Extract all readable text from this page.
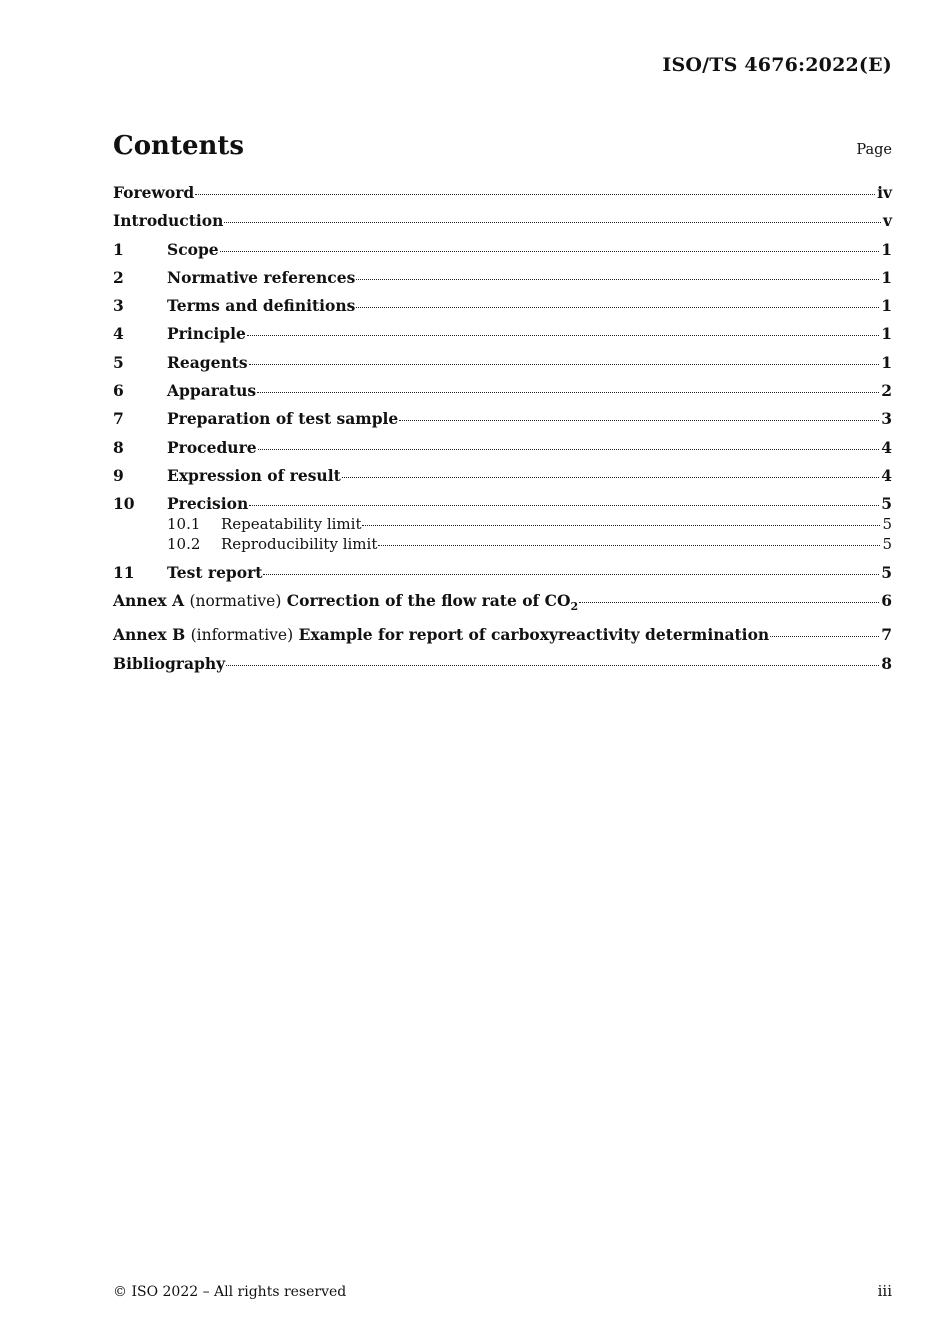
ISO/TS 4676:2022(E)
Contents	Page
Foreword	iv
Introduction	v
1	Scope	1
2	Normative references	1
3	Terms and definitions	1
4	Principle	1
5	Reagents	1
6	Apparatus	2
7	Preparation of test sample	3
8	Procedure	4
9	Expression of result	4
10	Precision	5
10.1	Repeatability limit	5
10.2	Reproducibility limit	5
11	Test report	5
Annex A (normative) Correction of the flow rate of $CO_2$	6
Annex B (informative) Example for report of carboxyreactivity determination	7
Bibliography	8
© ISO 2022 – All rights reserved	iii
